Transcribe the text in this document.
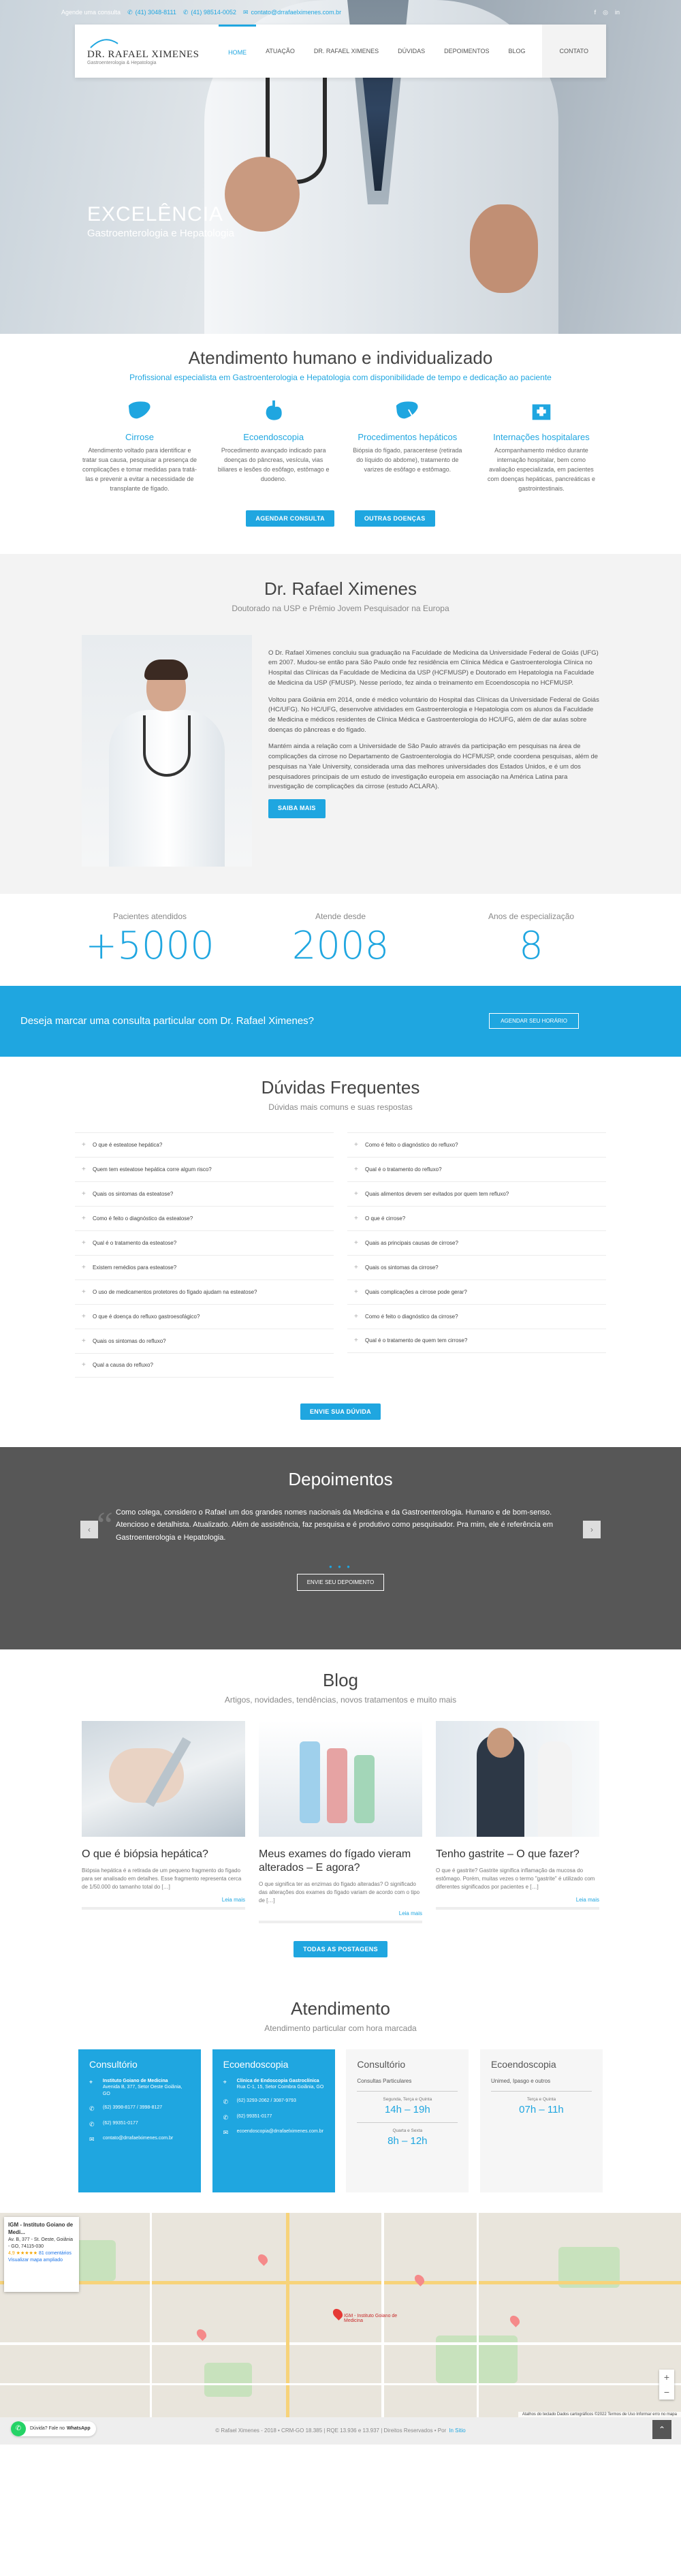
Agende uma consulta ✆ (41) 3048-8111 ✆ (41) 98514-0052 ✉ contato@drrafaelximenes.com.br	f ◎ in
DR. RAFAEL XIMENES
Gastroenterologia & Hepatologia
HOME	ATUAÇÃO	DR. RAFAEL XIMENES	DÚVIDAS	DEPOIMENTOS	BLOG	CONTATO
EXCELÊNCIA

Gastroenterologia e Hepatologia

Atendimento humano e individualizado

Profissional especialista em Gastroenterologia e Hepatologia com disponibilidade de tempo e dedicação ao paciente

Cirrose

Atendimento voltado para identificar e tratar sua causa, pesquisar a presença de complicações e tomar medidas para tratá-las e prevenir a evitar a necessidade de transplante de fígado.

Ecoendoscopia

Procedimento avançado indicado para doenças do pâncreas, vesícula, vias biliares e lesões do esôfago, estômago e duodeno.

Procedimentos hepáticos

Biópsia do fígado, paracentese (retirada do líquido do abdome), tratamento de varizes de esôfago e estômago.

Internações hospitalares

Acompanhamento médico durante internação hospitalar, bem como avaliação especializada, em pacientes com doenças hepáticas, pancreáticas e gastrointestinais.

AGENDAR CONSULTA	OUTRAS DOENÇAS
Dr. Rafael Ximenes

Doutorado na USP e Prêmio Jovem Pesquisador na Europa

O Dr. Rafael Ximenes concluiu sua graduação na Faculdade de Medicina da Universidade Federal de Goiás (UFG) em 2007. Mudou-se então para São Paulo onde fez residência em Clínica Médica e Gastroenterologia Clínica no Hospital das Clínicas da Faculdade de Medicina da USP (HCFMUSP) e Doutorado em Hepatologia na Faculdade de Medicina da USP (FMUSP). Nesse período, fez ainda o treinamento em Ecoendoscopia no HCFMUSP.

Voltou para Goiânia em 2014, onde é médico voluntário do Hospital das Clínicas da Universidade Federal de Goiás (HC/UFG). No HC/UFG, desenvolve atividades em Gastroenterologia e Hepatologia com os alunos da Faculdade de Medicina e médicos residentes de Clínica Médica e Gastroenterologia do HC/UFG, além de dar aulas sobre doenças do pâncreas e do fígado.

Mantém ainda a relação com a Universidade de São Paulo através da participação em pesquisas na área de complicações da cirrose no Departamento de Gastroenterologia do HCFMUSP, onde coordena pesquisas, além de pesquisas na Yale University, considerada uma das melhores universidades dos Estados Unidos, e é um dos pesquisadores principais de um estudo de investigação europeia em associação na América Latina para investigação de complicações da cirrose (estudo ACLARA).

SAIBA MAIS
Pacientes atendidos
+5000
Atende desde
2008
Anos de especialização
8
Deseja marcar uma consulta particular com Dr. Rafael Ximenes?	AGENDAR SEU HORÁRIO
Dúvidas Frequentes

Dúvidas mais comuns e suas respostas

+	O que é esteatose hepática?
+	Quem tem esteatose hepática corre algum risco?
+	Quais os sintomas da esteatose?
+	Como é feito o diagnóstico da esteatose?
+	Qual é o tratamento da esteatose?
+	Existem remédios para esteatose?
+	O uso de medicamentos protetores do fígado ajudam na esteatose?
+	O que é doença do refluxo gastroesofágico?
+	Quais os sintomas do refluxo?
+	Qual a causa do refluxo?
+	Como é feito o diagnóstico do refluxo?
+	Qual é o tratamento do refluxo?
+	Quais alimentos devem ser evitados por quem tem refluxo?
+	O que é cirrose?
+	Quais as principais causas de cirrose?
+	Quais os sintomas da cirrose?
+	Quais complicações a cirrose pode gerar?
+	Como é feito o diagnóstico da cirrose?
+	Qual é o tratamento de quem tem cirrose?
ENVIE SUA DÚVIDA
Depoimentos
‹	›
“ Como colega, considero o Rafael um dos grandes nomes nacionais da Medicina e da Gastroenterologia. Humano e de bom-senso. Atencioso e detalhista. Atualizado. Além de assistência, faz pesquisa e é produtivo como pesquisador. Pra mim, ele é referência em Gastroenterologia e Hepatologia.
● ● ●
ENVIE SEU DEPOIMENTO
Blog

Artigos, novidades, tendências, novos tratamentos e muito mais

O que é biópsia hepática?

Biópsia hepática é a retirada de um pequeno fragmento do fígado para ser analisado em detalhes. Esse fragmento representa cerca de 1/50.000 do tamanho total do […]

Leia mais
Meus exames do fígado vieram alterados – E agora?

O que significa ter as enzimas do fígado alteradas? O significado das alterações dos exames do fígado variam de acordo com o tipo de […]

Leia mais
Tenho gastrite – O que fazer?

O que é gastrite? Gastrite significa inflamação da mucosa do estômago. Porém, muitas vezes o termo "gastrite" é utilizado com diferentes significados por pacientes e […]

Leia mais
TODAS AS POSTAGENS
Atendimento

Atendimento particular com hora marcada

Consultório
⌖	Instituto Goiano de Medicina
Avenida B, 377, Setor Oeste Goiânia, GO
✆	(62) 3998-8177 / 3998-8127
✆	(62) 99351-0177
✉	contato@drrafaelximenes.com.br
Ecoendoscopia
⌖	Clínica de Endoscopia Gastroclínica
Rua C-1, 15, Setor Coimbra Goiânia, GO
✆	(62) 3293-2062 / 3087-9793
✆	(62) 99351-0177
✉	ecoendoscopia@drrafaelximenes.com.br
Consultório
Consultas Particulares
Segunda, Terça e Quinta
14h – 19h
Quarta e Sexta
8h – 12h
Ecoendoscopia
Unimed, Ipasgo e outros
Terça e Quinta
07h – 11h
IGM - Instituto Goiano de Medicina
IGM - Instituto Goiano de Medi...
Av. B, 377 - St. Oeste, Goiânia - GO, 74115-030
4,9 ★★★★★ 81 comentários
Visualizar mapa ampliado
+
−
Atalhos do teclado Dados cartográficos ©2022 Termos de Uso Informar erro no mapa
© Rafael Ximenes - 2018 • CRM-GO 18.385 | RQE 13.936 e 13.937 | Direitos Reservados • Por In Sitio
✆	Dúvida? Fale no WhatsApp	⌃
